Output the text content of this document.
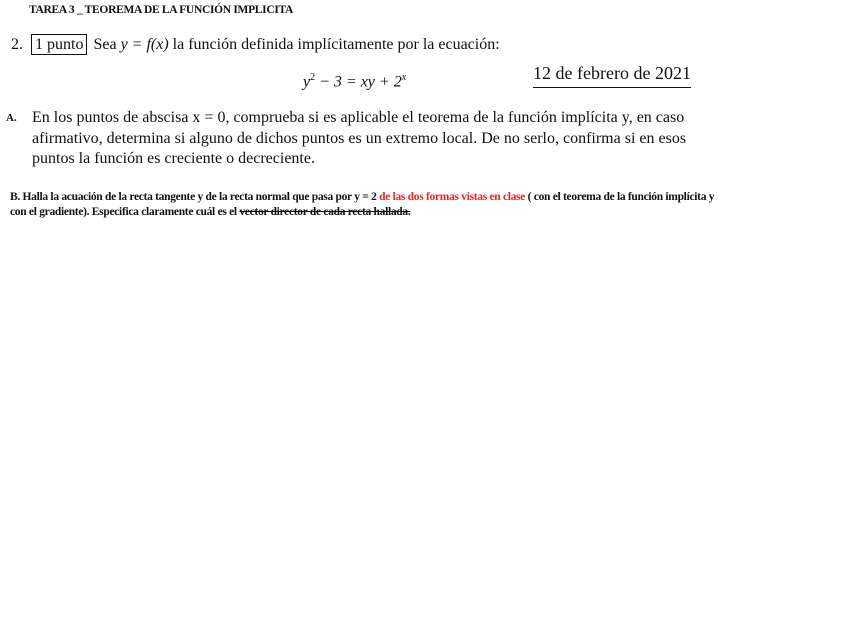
TAREA 3 _ TEOREMA DE LA FUNCIÓN IMPLICITA
2. 1 punto Sea y = f(x) la función definida implícitamente por la ecuación:
$y^2 - 3$ = xy + $2^x$	12 de febrero de 2021
A. En los puntos de abscisa x = 0, comprueba si es aplicable el teorema de la función implícita y, en caso afirmativo, determina si alguno de dichos puntos es un extremo local. De no serlo, confirma si en esos puntos la función es creciente o decreciente.
B. Halla la acuación de la recta tangente y de la recta normal que pasa por y = 2 de las dos formas vistas en clase ( con el teorema de la función implícita y con el gradiente). Especifica claramente cuál es el vector director de cada recta hallada.
